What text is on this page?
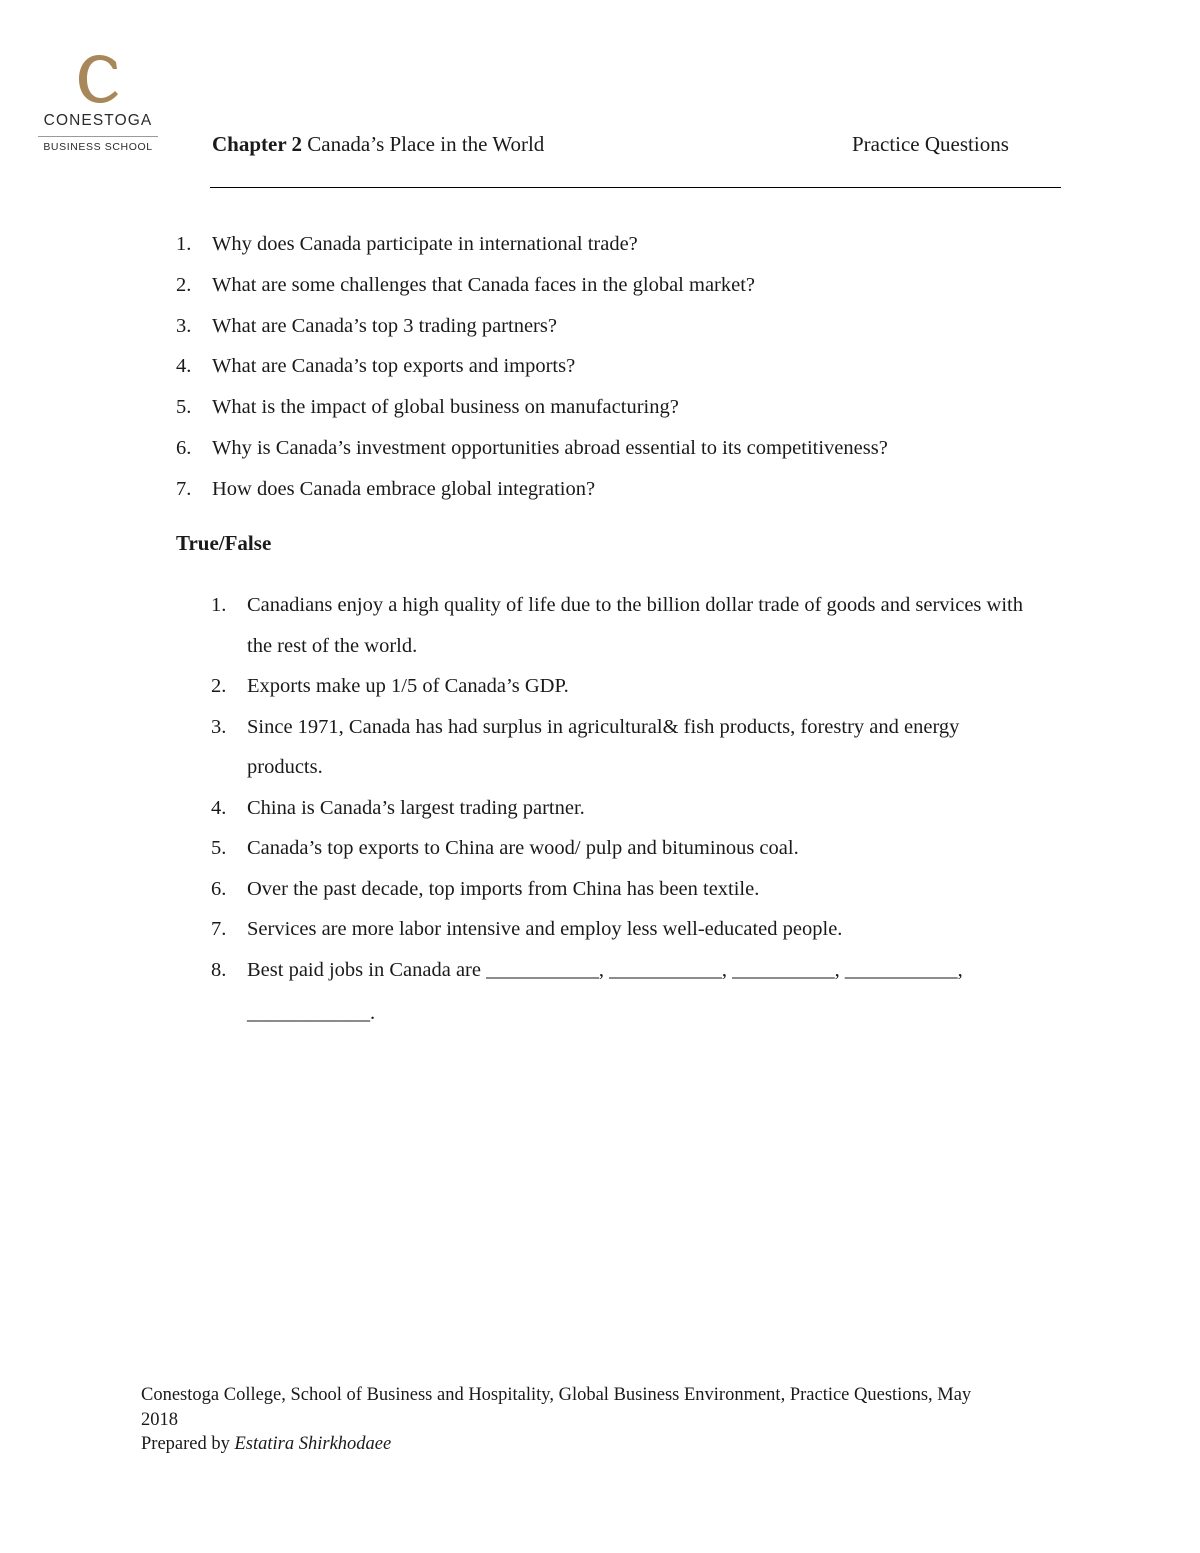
CONESTOGA
BUSINESS SCHOOL	Chapter 2 Canada’s Place in the World	Practice Questions
1. Why does Canada participate in international trade?
2. What are some challenges that Canada faces in the global market?
3. What are Canada’s top 3 trading partners?
4. What are Canada’s top exports and imports?
5. What is the impact of global business on manufacturing?
6. Why is Canada’s investment opportunities abroad essential to its competitiveness?
7. How does Canada embrace global integration?
True/False
1. Canadians enjoy a high quality of life due to the billion dollar trade of goods and services with the rest of the world.
2. Exports make up 1/5 of Canada’s GDP.
3. Since 1971, Canada has had surplus in agricultural& fish products, forestry and energy products.
4. China is Canada’s largest trading partner.
5. Canada’s top exports to China are wood/ pulp and bituminous coal.
6. Over the past decade, top imports from China has been textile.
7. Services are more labor intensive and employ less well-educated people.
8. Best paid jobs in Canada are ___________, ___________, __________, ___________,
____________.
Conestoga College, School of Business and Hospitality, Global Business Environment, Practice Questions, May 2018
Prepared by Estatira Shirkhodaee
